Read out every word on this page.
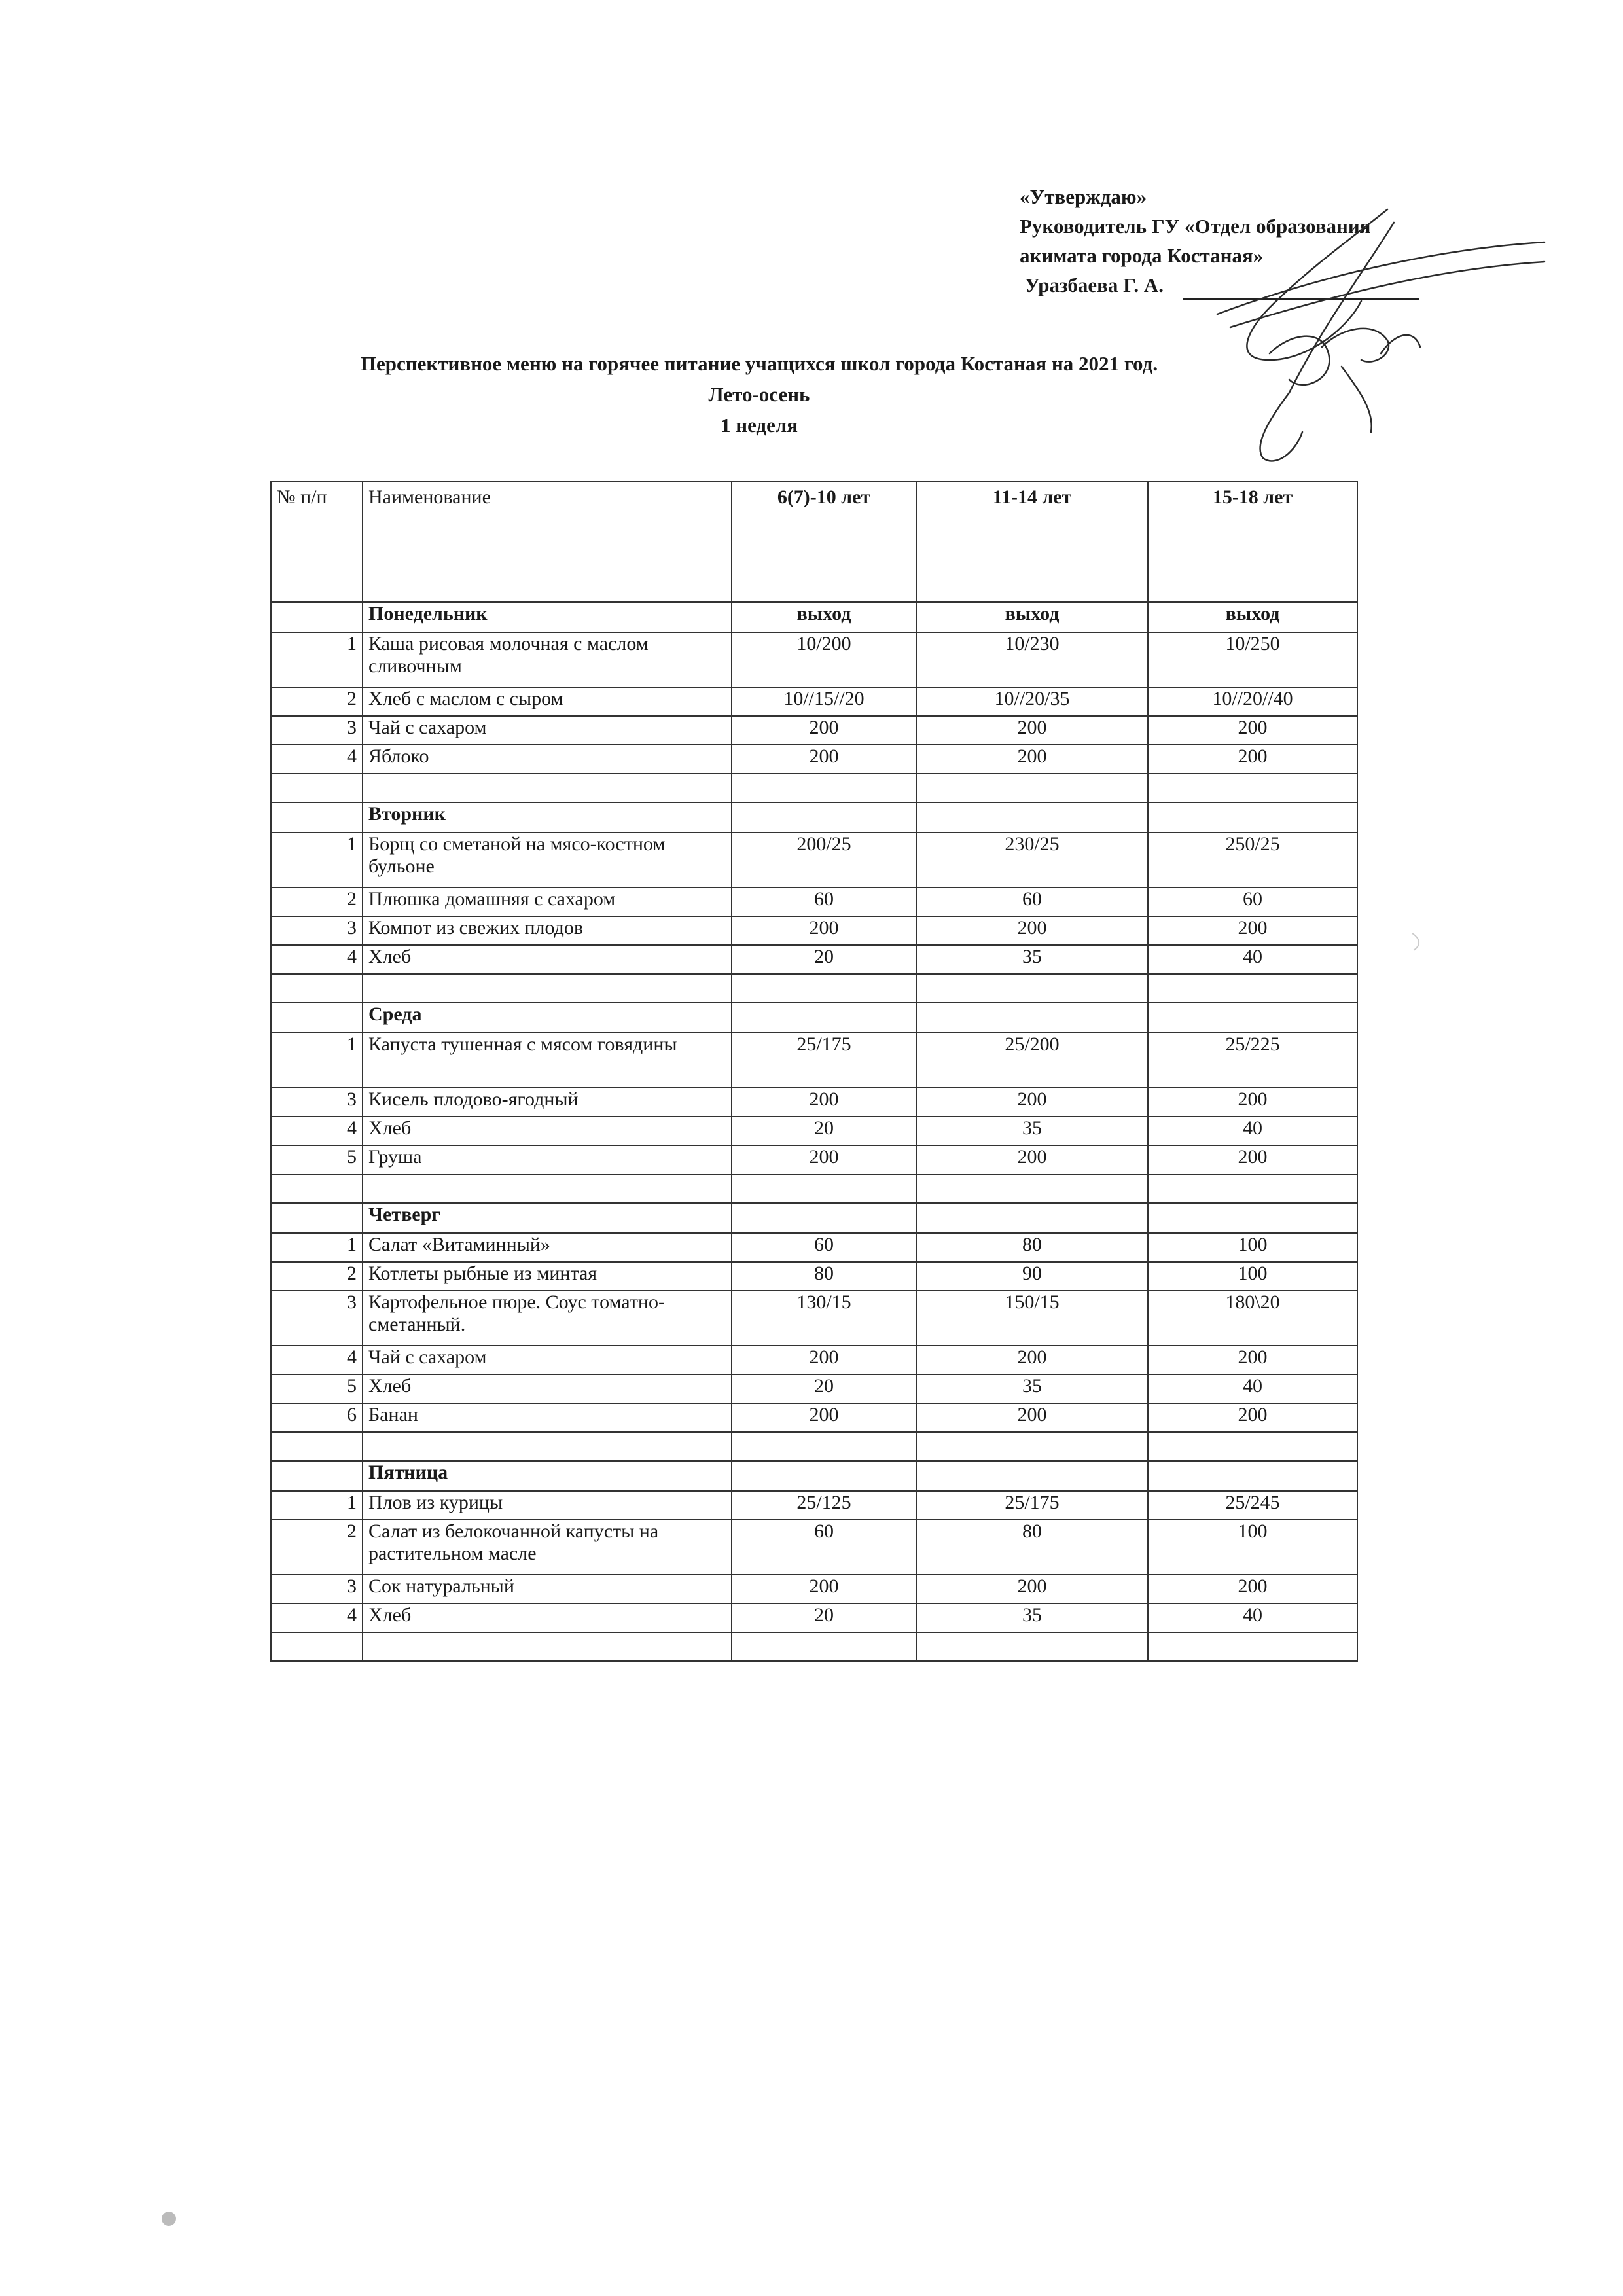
«Утверждаю»
Руководитель ГУ «Отдел образования
акимата города Костаная»
Уразбаева Г. А.
Перспективное меню на горячее питание учащихся школ города Костаная на 2021 год.
Лето-осень
1 неделя
№ п/п	Наименование	6(7)-10 лет	11-14 лет	15-18 лет
	Понедельник	выход	выход	выход
1	Каша рисовая молочная с маслом сливочным	10/200	10/230	10/250
2	Хлеб с маслом с сыром	10//15//20	10//20/35	10//20//40
3	Чай с сахаром	200	200	200
4	Яблоко	200	200	200

	Вторник			
1	Борщ со сметаной на мясо-костном бульоне	200/25	230/25	250/25
2	Плюшка домашняя с сахаром	60	60	60
3	Компот из свежих плодов	200	200	200
4	Хлеб	20	35	40

	Среда			
1	Капуста тушенная с мясом говядины	25/175	25/200	25/225
3	Кисель плодово-ягодный	200	200	200
4	Хлеб	20	35	40
5	Груша	200	200	200

	Четверг			
1	Салат «Витаминный»	60	80	100
2	Котлеты рыбные из минтая	80	90	100
3	Картофельное пюре. Соус томатно-сметанный.	130/15	150/15	180\20
4	Чай с сахаром	200	200	200
5	Хлеб	20	35	40
6	Банан	200	200	200

	Пятница			
1	Плов из курицы	25/125	25/175	25/245
2	Салат из белокочанной капусты на растительном масле	60	80	100
3	Сок натуральный	200	200	200
4	Хлеб	20	35	40
